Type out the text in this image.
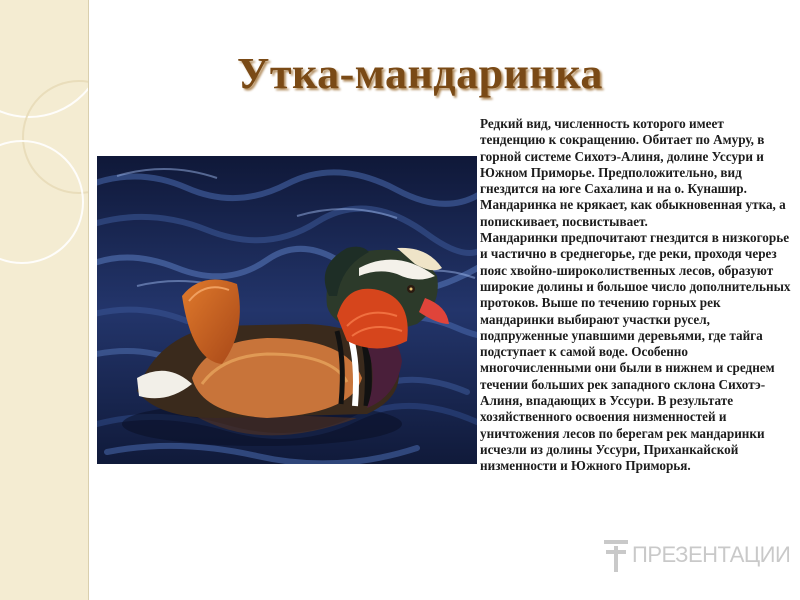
Утка-мандаринка

Редкий вид, численность которого имеет тенденцию к сокращению. Обитает по Амуру, в горной системе Сихотэ-Алиня, долине Уссури и Южном Приморье. Предположительно, вид гнездится на юге Сахалина и на о. Кунашир. Мандаринка не крякает, как обыкновенная утка, а попискивает, посвистывает.

Мандаринки предпочитают гнездится в низкогорье и частично в среднегорье, где реки, проходя через пояс хвойно-широколиственных лесов, образуют широкие долины и большое число дополнительных протоков. Выше по течению горных рек мандаринки выбирают участки русел, подпруженные упавшими деревьями, где тайга подступает к самой воде. Особенно многочисленными они были в нижнем и среднем течении больших рек западного склона Сихотэ-Алиня, впадающих в Уссури. В результате хозяйственного освоения низменностей и уничтожения лесов по берегам рек мандаринки исчезли из долины Уссури, Приханкайской низменности и Южного Приморья.

ПРЕЗЕНТАЦИИ
